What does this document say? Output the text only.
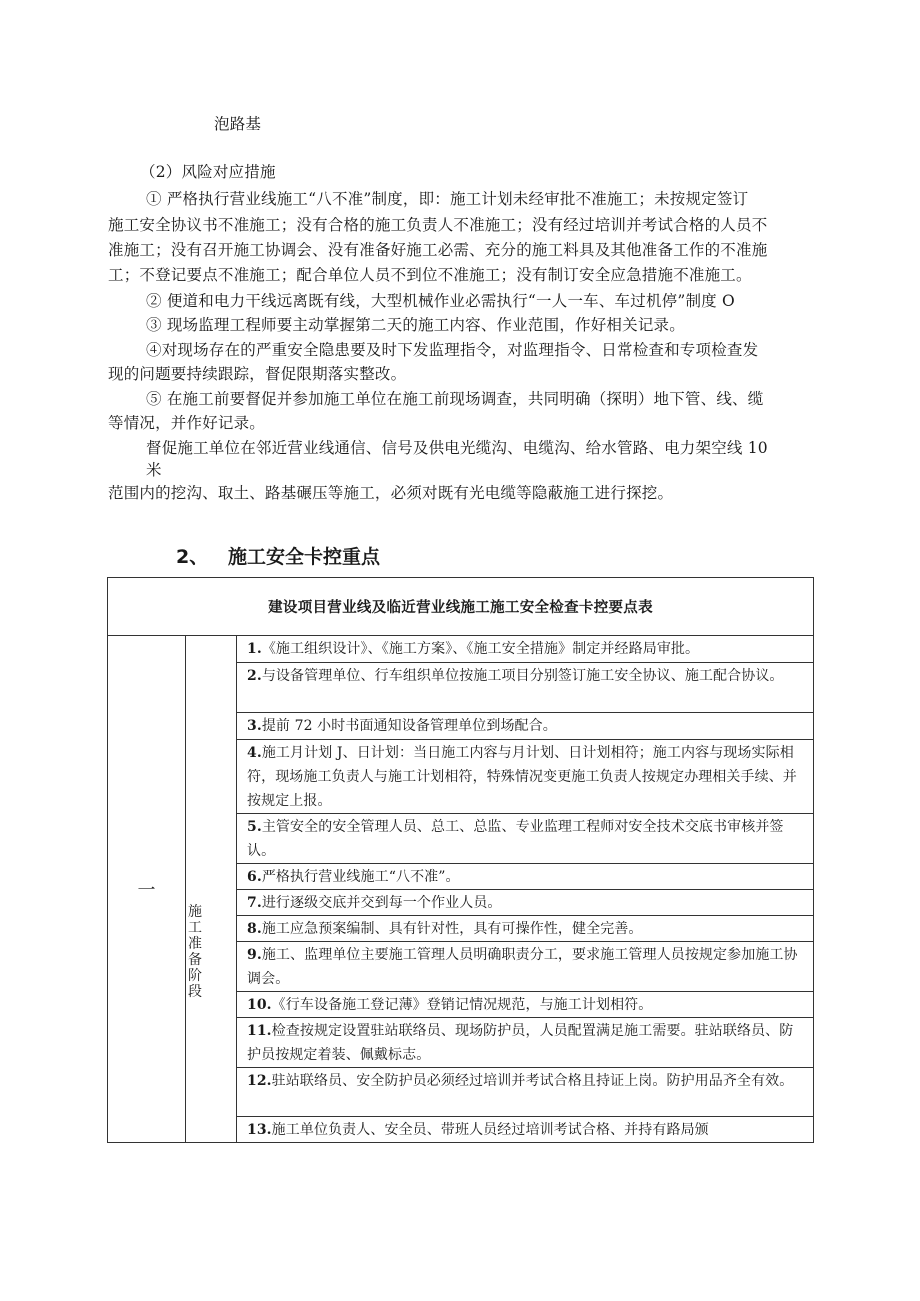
泡路基
（2）风险对应措施
① 严格执行营业线施工“八不准”制度，即：施工计划未经审批不准施工；未按规定签订
施工安全协议书不准施工；没有合格的施工负责人不准施工；没有经过培训并考试合格的人员不
准施工；没有召开施工协调会、没有准备好施工必需、充分的施工料具及其他准备工作的不准施
工；不登记要点不准施工；配合单位人员不到位不准施工；没有制订安全应急措施不准施工。
② 便道和电力干线远离既有线，大型机械作业必需执行“一人一车、车过机停”制度 O
③ 现场监理工程师要主动掌握第二天的施工内容、作业范围，作好相关记录。
④对现场存在的严重安全隐患要及时下发监理指令，对监理指令、日常检查和专项检查发
现的问题要持续跟踪，督促限期落实整改。
⑤ 在施工前要督促并参加施工单位在施工前现场调查，共同明确（探明）地下管、线、缆
等情况，并作好记录。
督促施工单位在邻近营业线通信、信号及供电光缆沟、电缆沟、给水管路、电力架空线 10
米
范围内的挖沟、取土、路基碾压等施工，必须对既有光电缆等隐蔽施工进行探挖。
2、 施工安全卡控重点
建设项目营业线及临近营业线施工施工安全检查卡控要点表
一	
施工准备阶段
	1.《施工组织设计》、《施工方案》、《施工安全措施》制定并经路局审批。
2.与设备管理单位、行车组织单位按施工项目分别签订施工安全协议、施工配合协议。
3.提前 72 小时书面通知设备管理单位到场配合。
4.施工月计划 J、日计划：当日施工内容与月计划、日计划相符；施工内容与现场实际相符，现场施工负责人与施工计划相符，特殊情况变更施工负责人按规定办理相关手续、并按规定上报。
5.主管安全的安全管理人员、总工、总监、专业监理工程师对安全技术交底书审核并签认。
6.严格执行营业线施工“八不准”。
7.进行逐级交底并交到每一个作业人员。
8.施工应急预案编制、具有针对性，具有可操作性，健全完善。
9.施工、监理单位主要施工管理人员明确职责分工，要求施工管理人员按规定参加施工协调会。
10.《行车设备施工登记薄》登销记情况规范，与施工计划相符。
11.检查按规定设置驻站联络员、现场防护员，人员配置满足施工需要。驻站联络员、防护员按规定着装、佩戴标志。
12.驻站联络员、安全防护员必须经过培训并考试合格且持证上岗。防护用品齐全有效。
13.施工单位负责人、安全员、带班人员经过培训考试合格、并持有路局颁
